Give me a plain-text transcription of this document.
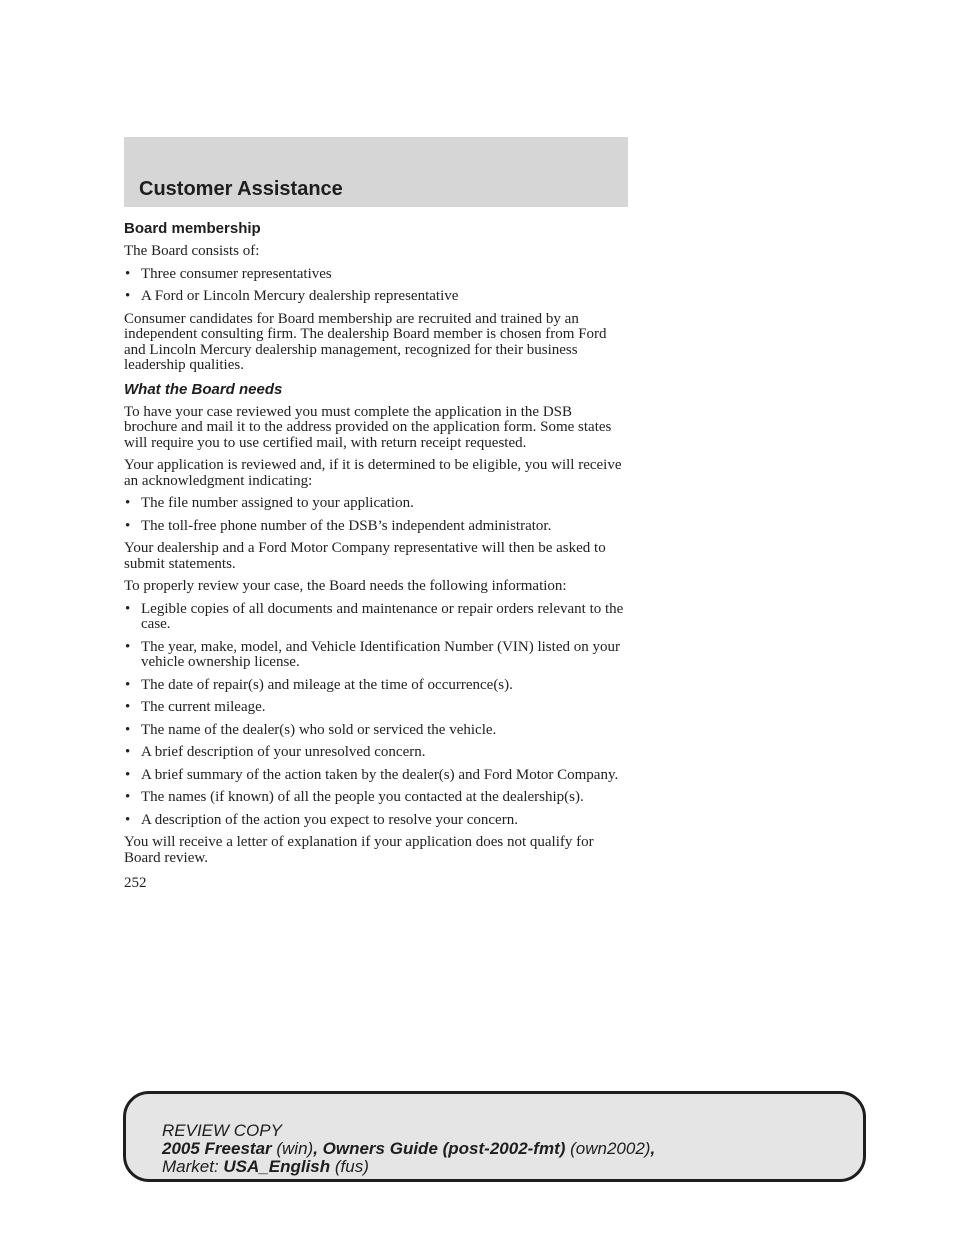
Customer Assistance
Board membership

The Board consists of:

• Three consumer representatives
• A Ford or Lincoln Mercury dealership representative

Consumer candidates for Board membership are recruited and trained by an independent consulting firm. The dealership Board member is chosen from Ford and Lincoln Mercury dealership management, recognized for their business leadership qualities.

What the Board needs

To have your case reviewed you must complete the application in the DSB brochure and mail it to the address provided on the application form. Some states will require you to use certified mail, with return receipt requested.

Your application is reviewed and, if it is determined to be eligible, you will receive an acknowledgment indicating:

• The file number assigned to your application.
• The toll-free phone number of the DSB’s independent administrator.

Your dealership and a Ford Motor Company representative will then be asked to submit statements.

To properly review your case, the Board needs the following information:

• Legible copies of all documents and maintenance or repair orders relevant to the case.
• The year, make, model, and Vehicle Identification Number (VIN) listed on your vehicle ownership license.
• The date of repair(s) and mileage at the time of occurrence(s).
• The current mileage.
• The name of the dealer(s) who sold or serviced the vehicle.
• A brief description of your unresolved concern.
• A brief summary of the action taken by the dealer(s) and Ford Motor Company.
• The names (if known) of all the people you contacted at the dealership(s).
• A description of the action you expect to resolve your concern.

You will receive a letter of explanation if your application does not qualify for Board review.

252
REVIEW COPY
2005 Freestar (win), Owners Guide (post-2002-fmt) (own2002),
Market: USA_English (fus)
